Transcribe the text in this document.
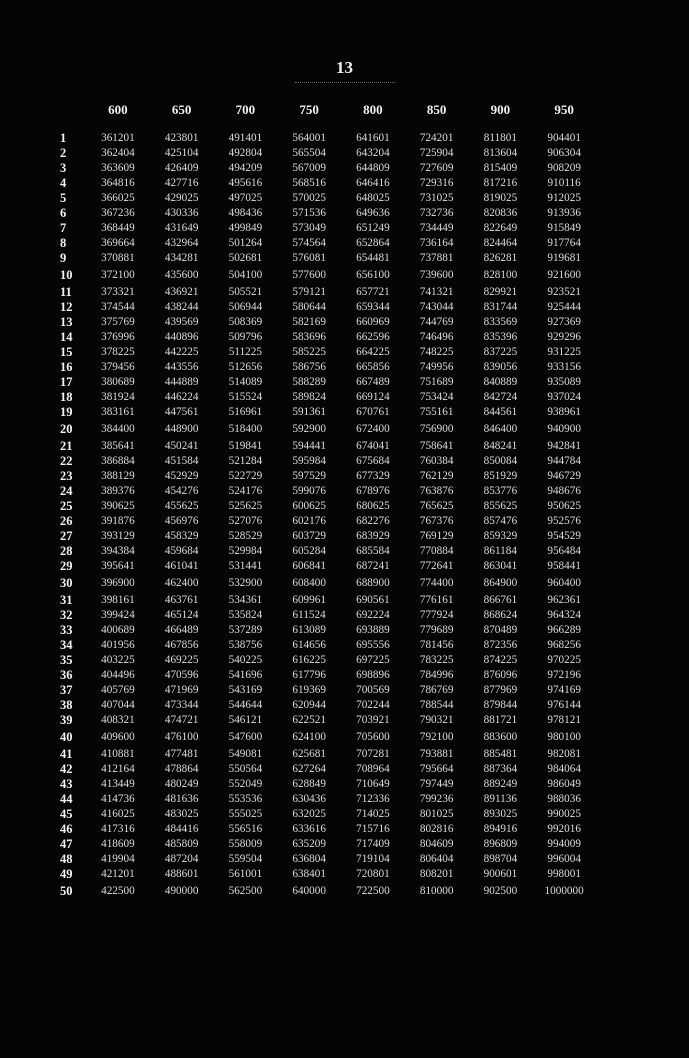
13
	600	650	700	750	800	850	900	950
1	361201	423801	491401	564001	641601	724201	811801	904401
2	362404	425104	492804	565504	643204	725904	813604	906304
3	363609	426409	494209	567009	644809	727609	815409	908209
4	364816	427716	495616	568516	646416	729316	817216	910116
5	366025	429025	497025	570025	648025	731025	819025	912025
6	367236	430336	498436	571536	649636	732736	820836	913936
7	368449	431649	499849	573049	651249	734449	822649	915849
8	369664	432964	501264	574564	652864	736164	824464	917764
9	370881	434281	502681	576081	654481	737881	826281	919681
10	372100	435600	504100	577600	656100	739600	828100	921600
11	373321	436921	505521	579121	657721	741321	829921	923521
12	374544	438244	506944	580644	659344	743044	831744	925444
13	375769	439569	508369	582169	660969	744769	833569	927369
14	376996	440896	509796	583696	662596	746496	835396	929296
15	378225	442225	511225	585225	664225	748225	837225	931225
16	379456	443556	512656	586756	665856	749956	839056	933156
17	380689	444889	514089	588289	667489	751689	840889	935089
18	381924	446224	515524	589824	669124	753424	842724	937024
19	383161	447561	516961	591361	670761	755161	844561	938961
20	384400	448900	518400	592900	672400	756900	846400	940900
21	385641	450241	519841	594441	674041	758641	848241	942841
22	386884	451584	521284	595984	675684	760384	850084	944784
23	388129	452929	522729	597529	677329	762129	851929	946729
24	389376	454276	524176	599076	678976	763876	853776	948676
25	390625	455625	525625	600625	680625	765625	855625	950625
26	391876	456976	527076	602176	682276	767376	857476	952576
27	393129	458329	528529	603729	683929	769129	859329	954529
28	394384	459684	529984	605284	685584	770884	861184	956484
29	395641	461041	531441	606841	687241	772641	863041	958441
30	396900	462400	532900	608400	688900	774400	864900	960400
31	398161	463761	534361	609961	690561	776161	866761	962361
32	399424	465124	535824	611524	692224	777924	868624	964324
33	400689	466489	537289	613089	693889	779689	870489	966289
34	401956	467856	538756	614656	695556	781456	872356	968256
35	403225	469225	540225	616225	697225	783225	874225	970225
36	404496	470596	541696	617796	698896	784996	876096	972196
37	405769	471969	543169	619369	700569	786769	877969	974169
38	407044	473344	544644	620944	702244	788544	879844	976144
39	408321	474721	546121	622521	703921	790321	881721	978121
40	409600	476100	547600	624100	705600	792100	883600	980100
41	410881	477481	549081	625681	707281	793881	885481	982081
42	412164	478864	550564	627264	708964	795664	887364	984064
43	413449	480249	552049	628849	710649	797449	889249	986049
44	414736	481636	553536	630436	712336	799236	891136	988036
45	416025	483025	555025	632025	714025	801025	893025	990025
46	417316	484416	556516	633616	715716	802816	894916	992016
47	418609	485809	558009	635209	717409	804609	896809	994009
48	419904	487204	559504	636804	719104	806404	898704	996004
49	421201	488601	561001	638401	720801	808201	900601	998001
50	422500	490000	562500	640000	722500	810000	902500	1000000
